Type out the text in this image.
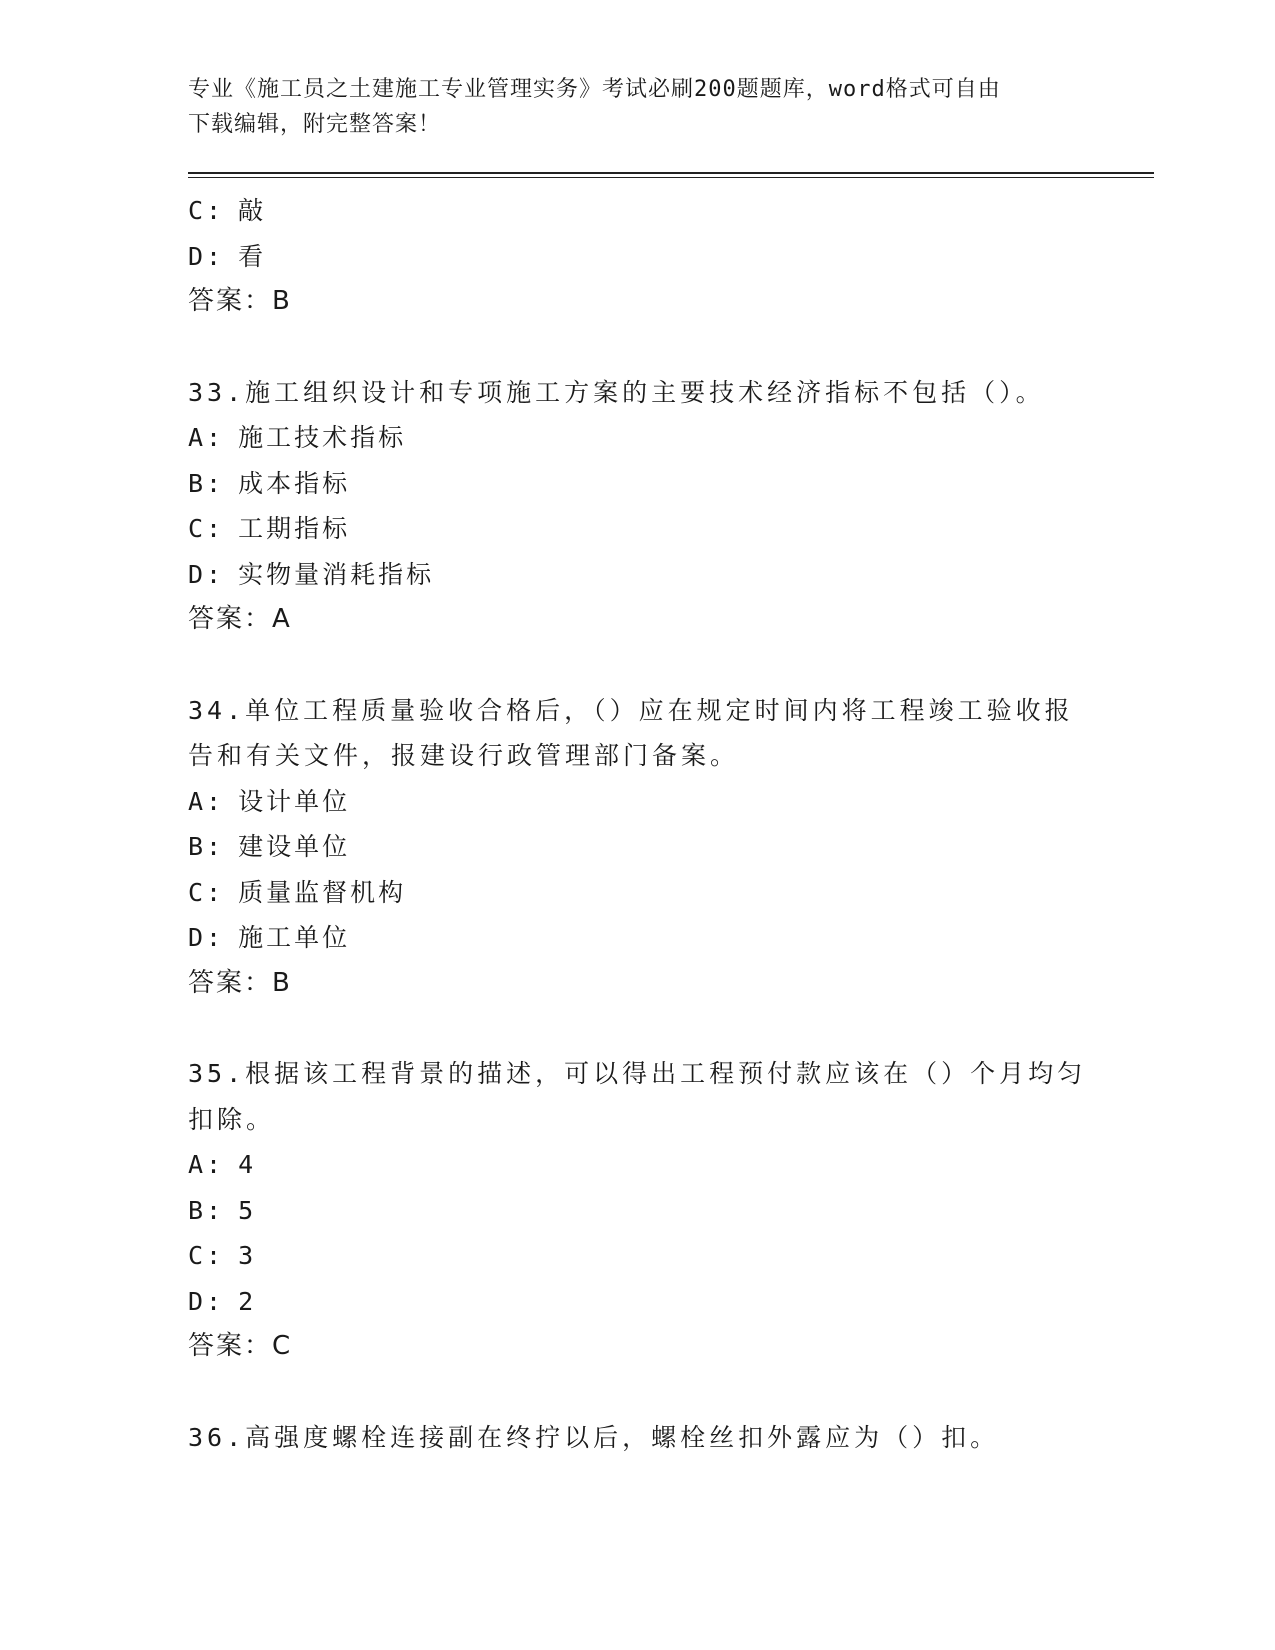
专业《施工员之土建施工专业管理实务》考试必刷200题题库，word格式可自由
下载编辑，附完整答案！
C: 敲
D: 看
答案：B
33.施工组织设计和专项施工方案的主要技术经济指标不包括（）。
A: 施工技术指标
B: 成本指标
C: 工期指标
D: 实物量消耗指标
答案：A
34.单位工程质量验收合格后，（）应在规定时间内将工程竣工验收报
告和有关文件，报建设行政管理部门备案。
A: 设计单位
B: 建设单位
C: 质量监督机构
D: 施工单位
答案：B
35.根据该工程背景的描述，可以得出工程预付款应该在（）个月均匀
扣除。
A: 4
B: 5
C: 3
D: 2
答案：C
36.高强度螺栓连接副在终拧以后，螺栓丝扣外露应为（）扣。
